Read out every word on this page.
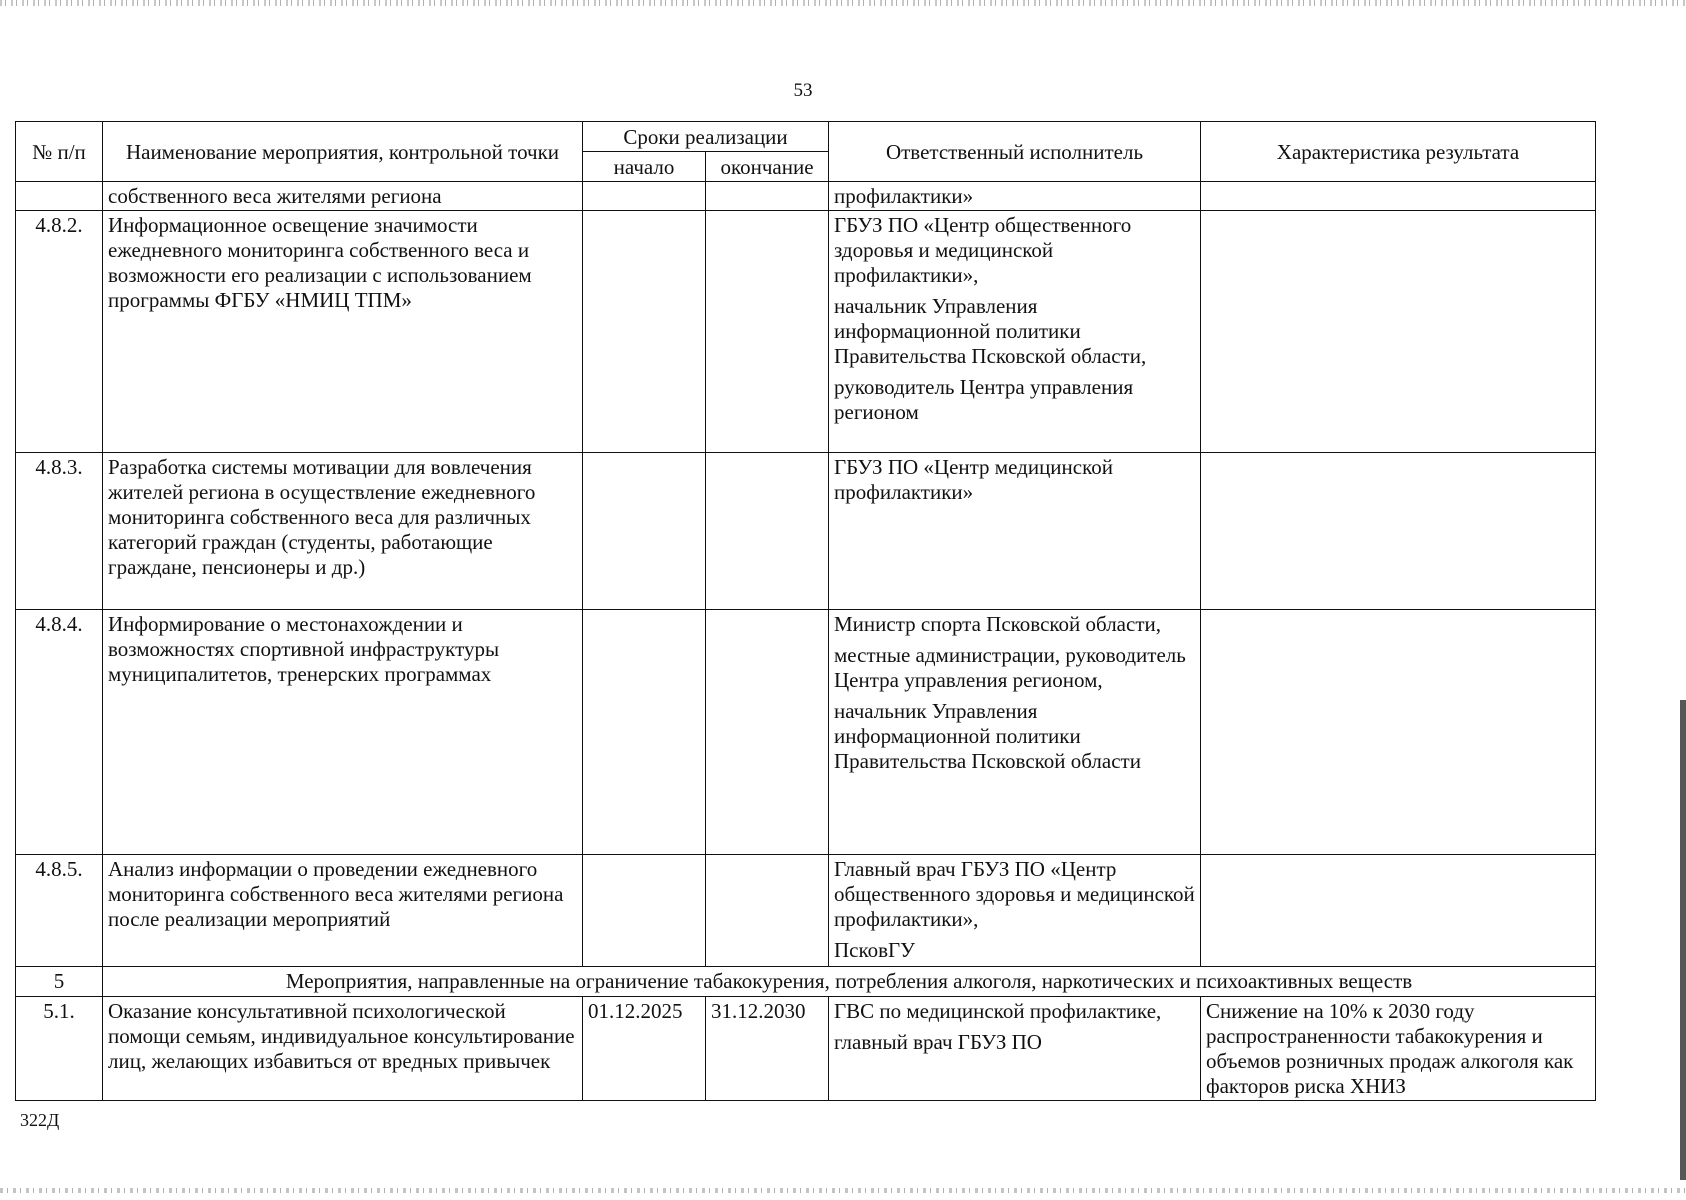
53
№ п/п	Наименование мероприятия, контрольной точки	Сроки реализации		Ответственный исполнитель	Характеристика результата
		начало	окончание		
	собственного веса жителями региона			профилактики»	

4.8.2.	Информационное освещение значимости ежедневного мониторинга собственного веса и возможности его реализации с использованием программы ФГБУ «НМИЦ ТПМ»			ГБУЗ ПО «Центр общественного здоровья и медицинской профилактики»,
начальник Управления информационной политики Правительства Псковской области,
руководитель Центра управления регионом	

4.8.3.	Разработка системы мотивации для вовлечения жителей региона в осуществление ежедневного мониторинга собственного веса для различных категорий граждан (студенты, работающие граждане, пенсионеры и др.)			ГБУЗ ПО «Центр медицинской профилактики»	

4.8.4.	Информирование о местонахождении и возможностях спортивной инфраструктуры муниципалитетов, тренерских программах			Министр спорта Псковской области,
местные администрации, руководитель Центра управления регионом,
начальник Управления информационной политики Правительства Псковской области	

4.8.5.	Анализ информации о проведении ежедневного мониторинга собственного веса жителями региона после реализации мероприятий			Главный врач ГБУЗ ПО «Центр общественного здоровья и медицинской профилактики»,
ПсковГУ	

5	Мероприятия, направленные на ограничение табакокурения, потребления алкоголя, наркотических и психоактивных веществ				
5.1.	Оказание консультативной психологической помощи семьям, индивидуальное консультирование лиц, желающих избавиться от вредных привычек	01.12.2025	31.12.2030	ГВС по медицинской профилактике,
главный врач ГБУЗ ПО	Снижение на 10% к 2030 году распространенности табакокурения и объемов розничных продаж алкоголя как факторов риска ХНИЗ
322Д
